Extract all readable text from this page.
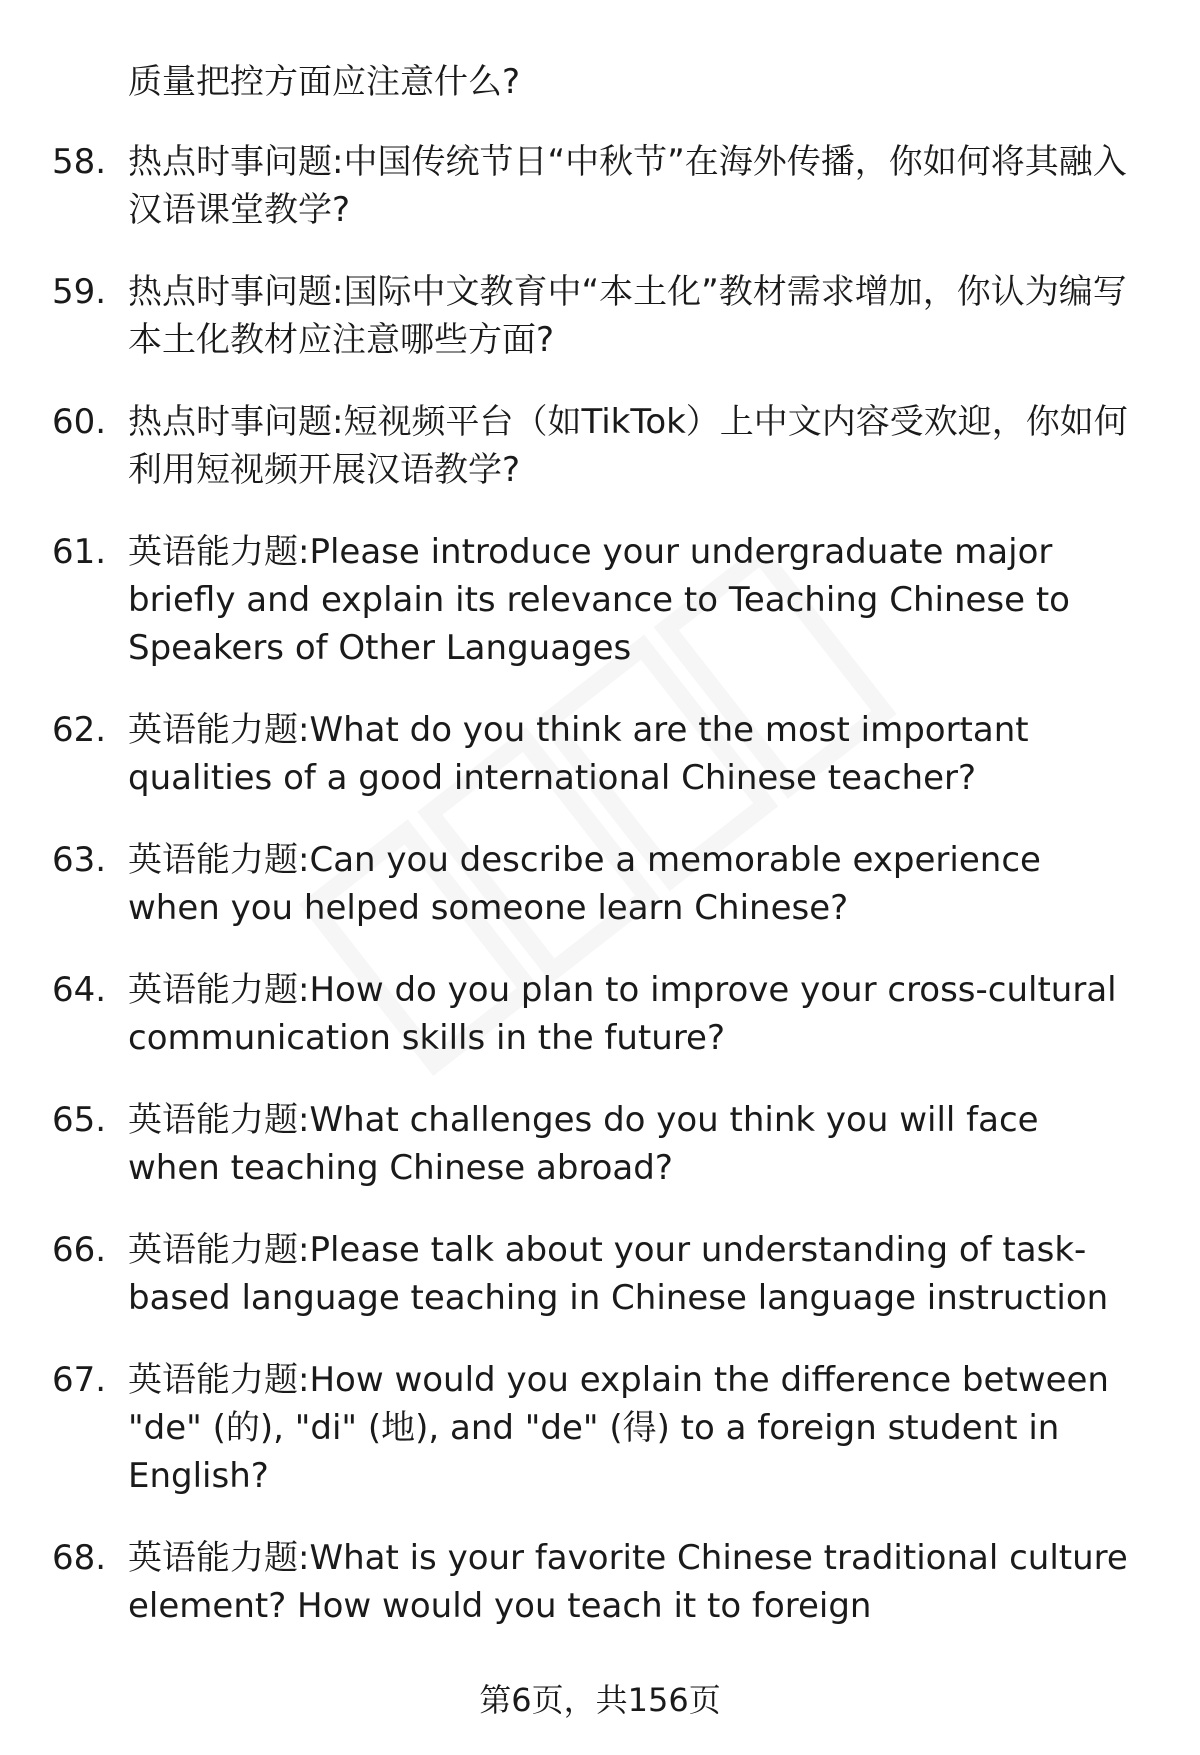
质量把控方面应注意什么?

58. 热点时事问题:中国传统节日“中秋节”在海外传播，你如何将其融入汉语课堂教学?
59. 热点时事问题:国际中文教育中“本土化”教材需求增加，你认为编写本土化教材应注意哪些方面?
60. 热点时事问题:短视频平台（如TikTok）上中文内容受欢迎，你如何利用短视频开展汉语教学?
61. 英语能力题:Please introduce your undergraduate major briefly and explain its relevance to Teaching Chinese to Speakers of Other Languages
62. 英语能力题:What do you think are the most important qualities of a good international Chinese teacher?
63. 英语能力题:Can you describe a memorable experience when you helped someone learn Chinese?
64. 英语能力题:How do you plan to improve your cross-cultural communication skills in the future?
65. 英语能力题:What challenges do you think you will face when teaching Chinese abroad?
66. 英语能力题:Please talk about your understanding of task-based language teaching in Chinese language instruction
67. 英语能力题:How would you explain the difference between "de" (的), "di" (地), and "de" (得) to a foreign student in English?
68. 英语能力题:What is your favorite Chinese traditional culture element? How would you teach it to foreign

第6页，共156页
